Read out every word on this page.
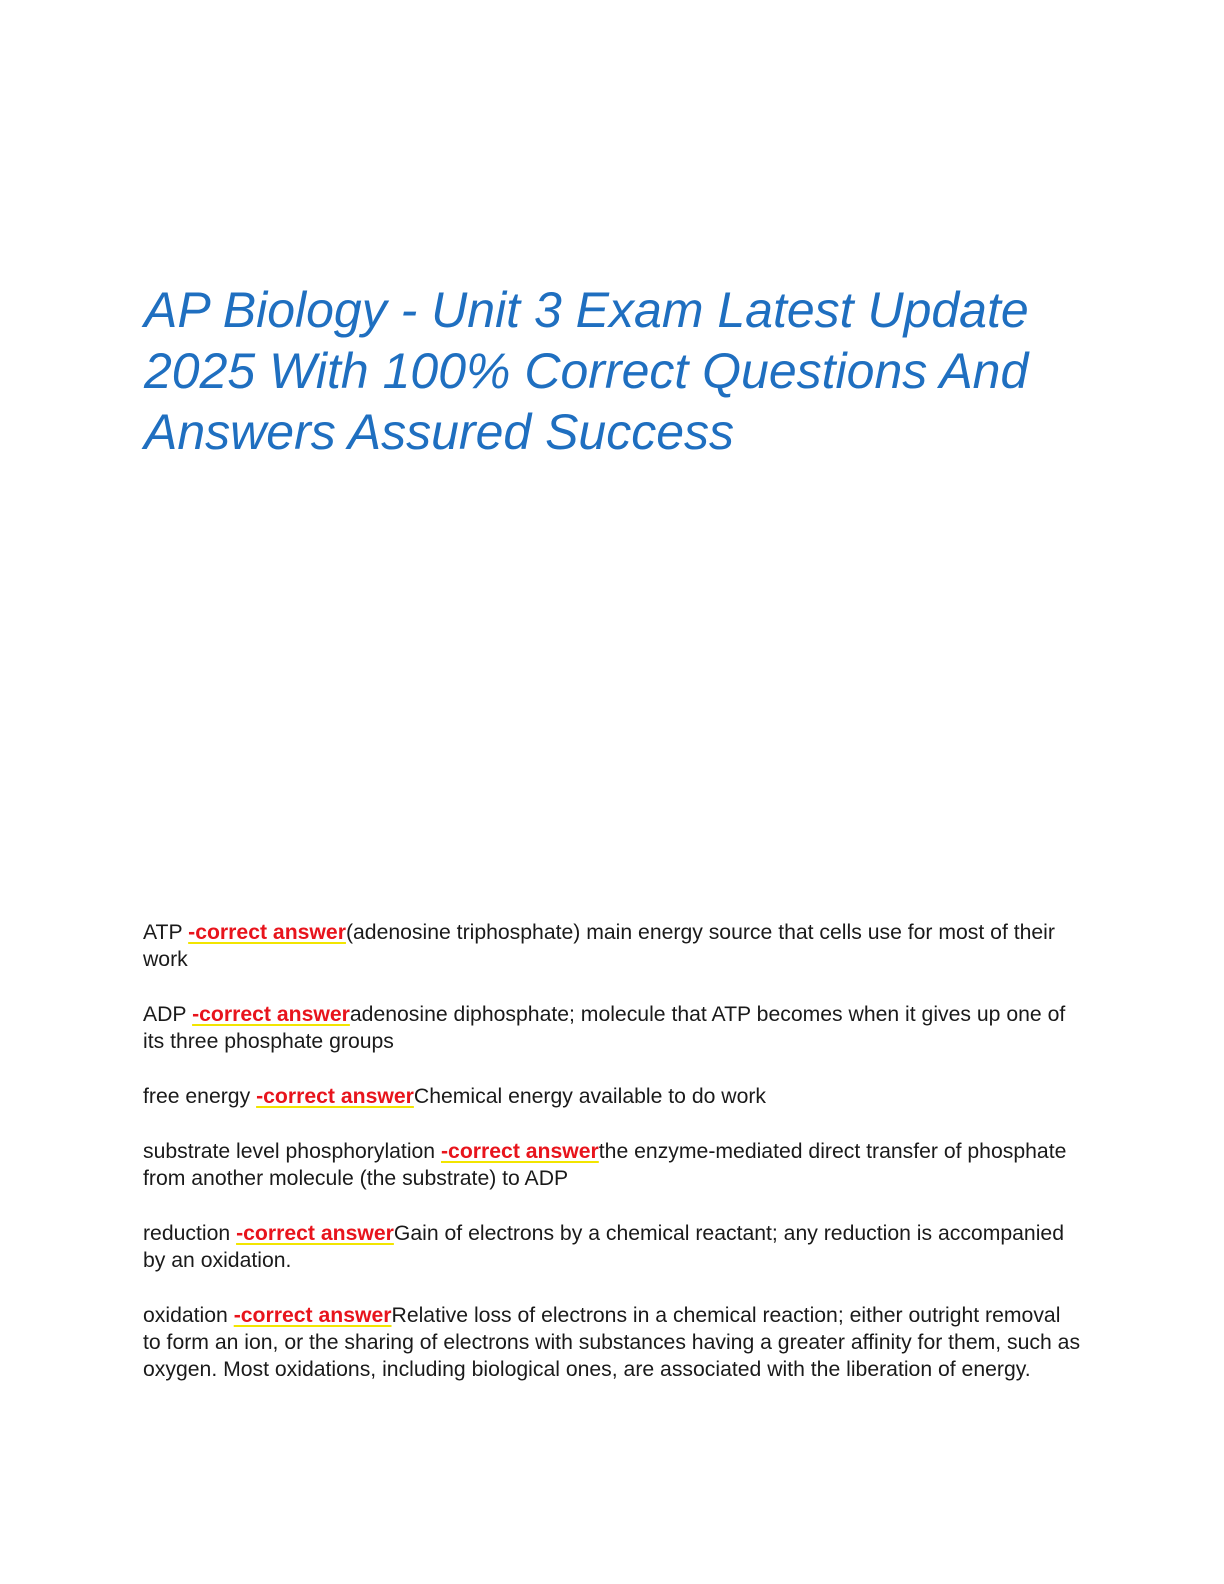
AP Biology - Unit 3 Exam Latest Update 2025 With 100% Correct Questions And Answers Assured Success

ATP -correct answer(adenosine triphosphate) main energy source that cells use for most of their work

ADP -correct answeradenosine diphosphate; molecule that ATP becomes when it gives up one of its three phosphate groups

free energy -correct answerChemical energy available to do work

substrate level phosphorylation -correct answerthe enzyme-mediated direct transfer of phosphate from another molecule (the substrate) to ADP

reduction -correct answerGain of electrons by a chemical reactant; any reduction is accompanied by an oxidation.

oxidation -correct answerRelative loss of electrons in a chemical reaction; either outright removal to form an ion, or the sharing of electrons with substances having a greater affinity for them, such as oxygen. Most oxidations, including biological ones, are associated with the liberation of energy.
